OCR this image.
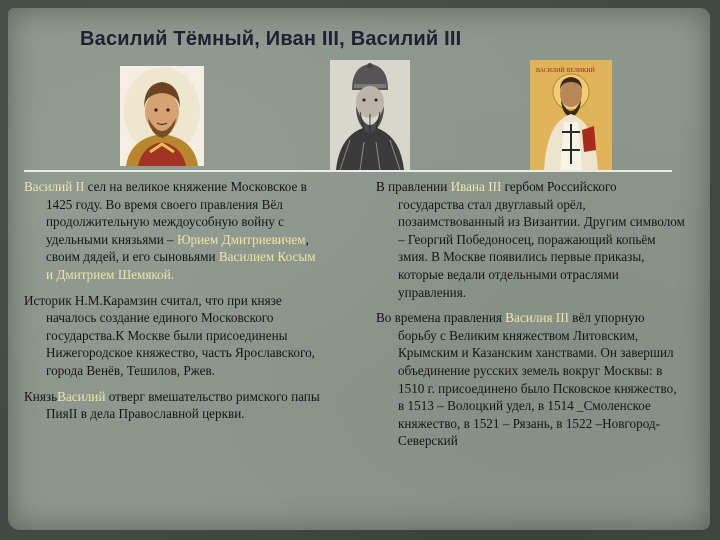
Василий Тёмный, Иван III, Василий III
ВАСИЛИЙ ВЕЛИКИЙ

Василий II сел на великое княжение Московское в 1425 году. Во время своего правления Вёл продолжительную междоусобную войну с удельными князьями – Юрием Дмитриевичем, своим дядей, и его сыновьями Василием Косым и Дмитрием Шемякой.

Историк Н.М.Карамзин считал, что при князе началось создание единого Московского государства.К Москве были присоединены Нижегородское княжество, часть Ярославского, города Венёв, Тешилов, Ржев.

КнязьВасилий отверг вмешательство римского папы ПияII в дела Православной церкви.

В правлении Ивана III гербом Российского государства стал двуглавый орёл, позаимствованный из Византии. Другим символом – Георгий Победоносец, поражающий копьём змия. В Москве появились первые приказы, которые ведали отдельными отраслями управления.

Во времена правления Василия III вёл упорную борьбу с Великим княжеством Литовским, Крымским и Казанским ханствами. Он завершил объединение русских земель вокруг Москвы: в 1510 г. присоединено было Псковское княжество, в 1513 – Волоцкий удел, в 1514 _Смоленское княжество, в 1521 – Рязань, в 1522 –Новгород-Северский
